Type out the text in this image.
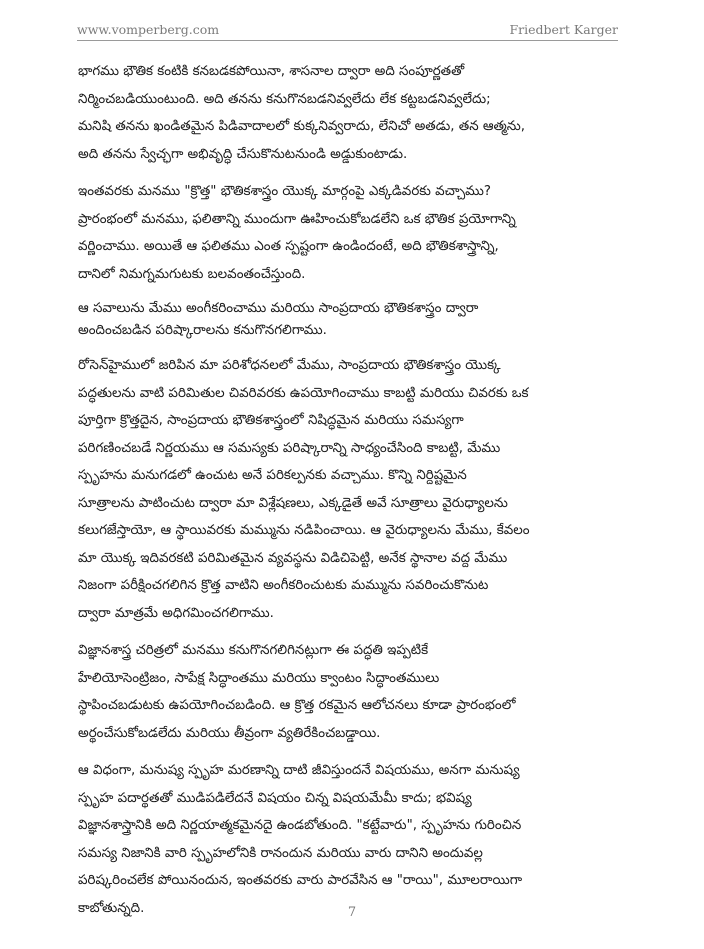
www.vomperberg.com	Friedbert Karger

భాగము భౌతిక కంటికి కనబడకపోయినా, శాసనాల ద్వారా అది సంపూర్ణతతో
నిర్మించబడియుంటుంది. అది తనను కనుగొనబడనివ్వలేదు లేక కట్టబడనివ్వలేదు;
మనిషి తనను ఖండితమైన పిడివాదాలలో కుక్కనివ్వరాదు, లేనిచో అతడు, తన ఆత్మను,
అది తనను స్వేచ్ఛగా అభివృద్ధి చేసుకొనుటనుండి అడ్డుకుంటాడు.

ఇంతవరకు మనము "క్రొత్త" భౌతికశాస్త్రం యొక్క మార్గంపై ఎక్కడివరకు వచ్చాము?
ప్రారంభంలో మనము, ఫలితాన్ని ముందుగా ఊహించుకోబడలేని ఒక భౌతిక ప్రయోగాన్ని
వర్ణించాము. అయితే ఆ ఫలితము ఎంత స్పష్టంగా ఉండిందంటే, అది భౌతికశాస్త్రాన్ని,
దానిలో నిమగ్నమగుటకు బలవంతంచేస్తుంది.

ఆ సవాలును మేము అంగీకరించాము మరియు సాంప్రదాయ భౌతికశాస్త్రం ద్వారా
అందించబడిన పరిష్కారాలను కనుగొనగలిగాము.

రోసెన్‌హైములో జరిపిన మా పరిశోధనలలో మేము, సాంప్రదాయ భౌతికశాస్త్రం యొక్క
పద్ధతులను వాటి పరిమితుల చివరివరకు ఉపయోగించాము కాబట్టి మరియు చివరకు ఒక
పూర్తిగా క్రొత్తదైన, సాంప్రదాయ భౌతికశాస్త్రంలో నిషిద్ధమైన మరియు సమస్యగా
పరిగణించబడే నిర్ణయము ఆ సమస్యకు పరిష్కారాన్ని సాధ్యంచేసింది కాబట్టి, మేము
స్పృహను మనుగడలో ఉంచుట అనే పరికల్పనకు వచ్చాము. కొన్ని నిర్దిష్టమైన
సూత్రాలను పాటించుట ద్వారా మా విశ్లేషణలు, ఎక్కడైతే అవే సూత్రాలు వైరుధ్యాలను
కలుగజేస్తాయో, ఆ స్థాయివరకు మమ్మును నడిపించాయి. ఆ వైరుధ్యాలను మేము, కేవలం
మా యొక్క ఇదివరకటి పరిమితమైన వ్యవస్థను విడిచిపెట్టి, అనేక స్థానాల వద్ద మేము
నిజంగా పరీక్షించగలిగిన క్రొత్త వాటిని అంగీకరించుటకు మమ్మును సవరించుకొనుట
ద్వారా మాత్రమే అధిగమించగలిగాము.

విజ్ఞానశాస్త్ర చరిత్రలో మనము కనుగొనగలిగినట్లుగా ఈ పద్ధతి ఇప్పటికే
హేలియోసెంట్రిజం, సాపేక్ష సిద్ధాంతము మరియు క్వాంటం సిద్ధాంతములు
స్థాపించబడుటకు ఉపయోగించబడింది. ఆ క్రొత్త రకమైన ఆలోచనలు కూడా ప్రారంభంలో
అర్థంచేసుకోబడలేదు మరియు తీవ్రంగా వ్యతిరేకించబడ్డాయి.

ఆ విధంగా, మనుష్య స్పృహ మరణాన్ని దాటి జీవిస్తుందనే విషయము, అనగా మనుష్య
స్పృహ పదార్థతతో ముడిపడిలేదనే విషయం చిన్న విషయమేమీ కాదు; భవిష్య
విజ్ఞానశాస్త్రానికి అది నిర్ణయాత్మకమైనదై ఉండబోతుంది. "కట్టేవారు", స్పృహను గురించిన
సమస్య నిజానికి వారి స్పృహలోనికి రానందున మరియు వారు దానిని అందువల్ల
పరిష్కరించలేక పోయినందున, ఇంతవరకు వారు పారవేసిన ఆ "రాయి", మూలరాయిగా
కాబోతున్నది.	7
